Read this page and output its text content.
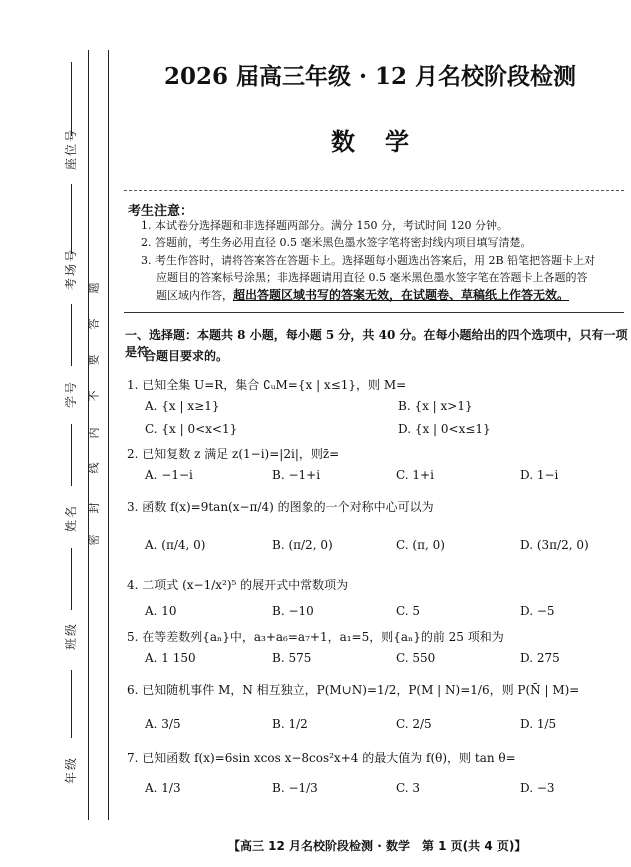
座位号
考场号
学号
姓名
班级
年级
密
封
线
内
不
要
答
题
2026 届高三年级 · 12 月名校阶段检测
数学
考生注意：
1. 本试卷分选择题和非选择题两部分。满分 150 分，考试时间 120 分钟。
2. 答题前，考生务必用直径 0.5 毫米黑色墨水签字笔将密封线内项目填写清楚。
3. 考生作答时，请将答案答在答题卡上。选择题每小题选出答案后，用 2B 铅笔把答题卡上对
应题目的答案标号涂黑；非选择题请用直径 0.5 毫米黑色墨水签字笔在答题卡上各题的答
题区域内作答，超出答题区域书写的答案无效，在试题卷、草稿纸上作答无效。
一、选择题：本题共 8 小题，每小题 5 分，共 40 分。在每小题给出的四个选项中，只有一项是符
合题目要求的。
1. 已知全集 U=R，集合 ∁ᵤM={x | x≤1}，则 M=
A. {x | x≥1}	B. {x | x>1}
C. {x | 0<x<1}	D. {x | 0<x≤1}
2. 已知复数 z 满足 z(1−i)=|2i|，则z̄=
A. −1−i	B. −1+i	C. 1+i	D. 1−i
3. 函数 f(x)=9tan(x−π/4) 的图象的一个对称中心可以为
A. (π/4, 0)	B. (π/2, 0)	C. (π, 0)	D. (3π/2, 0)
4. 二项式 (x−1/x²)⁵ 的展开式中常数项为
A. 10	B. −10	C. 5	D. −5
5. 在等差数列{aₙ}中，a₃+a₆=a₇+1，a₁=5，则{aₙ}的前 25 项和为
A. 1 150	B. 575	C. 550	D. 275
6. 已知随机事件 M，N 相互独立，P(M∪N)=1/2，P(M | N)=1/6，则 P(N̄ | M)=
A. 3/5	B. 1/2	C. 2/5	D. 1/5
7. 已知函数 f(x)=6sin xcos x−8cos²x+4 的最大值为 f(θ)，则 tan θ=
A. 1/3	B. −1/3	C. 3	D. −3
【高三 12 月名校阶段检测 · 数学　第 1 页(共 4 页)】
